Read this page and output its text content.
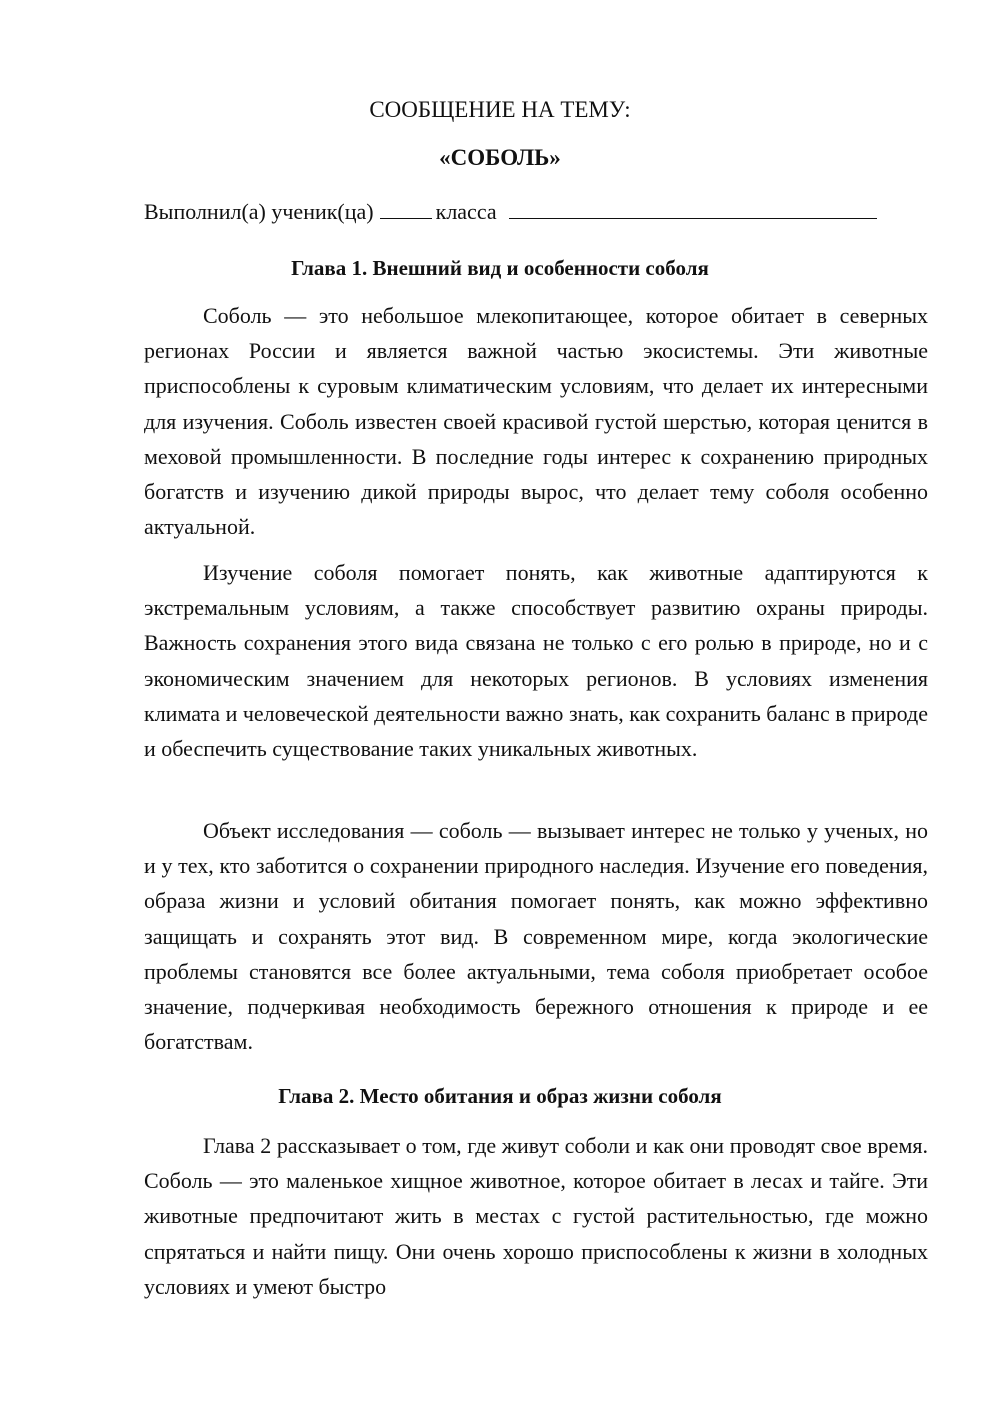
СООБЩЕНИЕ НА ТЕМУ:
«СОБОЛЬ»
Выполнил(а) ученик(ца)	класса
Глава 1. Внешний вид и особенности соболя

Соболь — это небольшое млекопитающее, которое обитает в северных регионах России и является важной частью экосистемы. Эти животные приспособлены к суровым климатическим условиям, что делает их интересными для изучения. Соболь известен своей красивой густой шерстью, которая ценится в меховой промышленности. В последние годы интерес к сохранению природных богатств и изучению дикой природы вырос, что делает тему соболя особенно актуальной.

Изучение соболя помогает понять, как животные адаптируются к экстремальным условиям, а также способствует развитию охраны природы. Важность сохранения этого вида связана не только с его ролью в природе, но и с экономическим значением для некоторых регионов. В условиях изменения климата и человеческой деятельности важно знать, как сохранить баланс в природе и обеспечить существование таких уникальных животных.

Объект исследования — соболь — вызывает интерес не только у ученых, но и у тех, кто заботится о сохранении природного наследия. Изучение его поведения, образа жизни и условий обитания помогает понять, как можно эффективно защищать и сохранять этот вид. В современном мире, когда экологические проблемы становятся все более актуальными, тема соболя приобретает особое значение, подчеркивая необходимость бережного отношения к природе и ее богатствам.

Глава 2. Место обитания и образ жизни соболя

Глава 2 рассказывает о том, где живут соболи и как они проводят свое время. Соболь — это маленькое хищное животное, которое обитает в лесах и тайге. Эти животные предпочитают жить в местах с густой растительностью, где можно спрятаться и найти пищу. Они очень хорошо приспособлены к жизни в холодных условиях и умеют быстро
